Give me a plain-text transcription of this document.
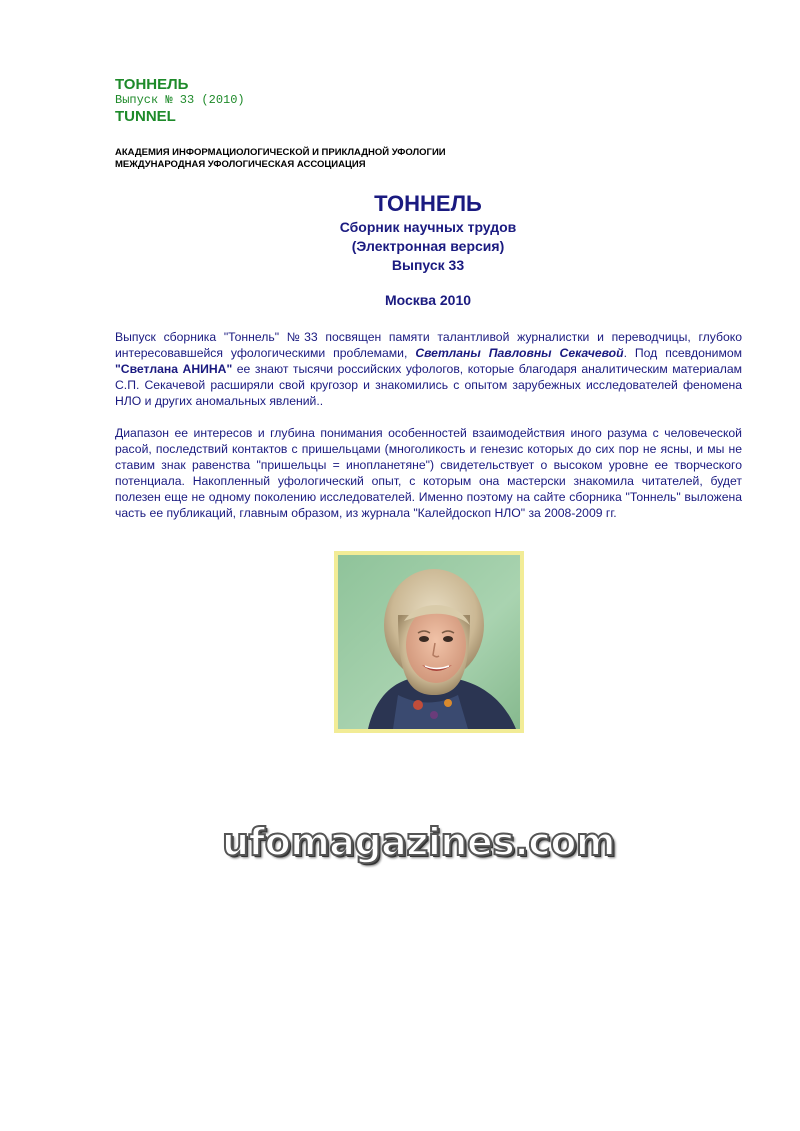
ТОННЕЛЬ
Выпуск № 33 (2010)
TUNNEL
АКАДЕМИЯ ИНФОРМАЦИОЛОГИЧЕСКОЙ И ПРИКЛАДНОЙ УФОЛОГИИ
МЕЖДУНАРОДНАЯ УФОЛОГИЧЕСКАЯ АССОЦИАЦИЯ
ТОННЕЛЬ
Сборник научных трудов
(Электронная версия)
Выпуск 33
Москва 2010

Выпуск сборника "Тоннель" №33 посвящен памяти талантливой журналистки и переводчицы, глубоко интересовавшейся уфологическими проблемами, Светланы Павловны Секачевой. Под псевдонимом "Светлана АНИНА" ее знают тысячи российских уфологов, которые благодаря аналитическим материалам С.П. Секачевой расширяли свой кругозор и знакомились с опытом зарубежных исследователей феномена НЛО и других аномальных явлений..

Диапазон ее интересов и глубина понимания особенностей взаимодействия иного разума с человеческой расой, последствий контактов с пришельцами (многоликость и генезис которых до сих пор не ясны, и мы не ставим знак равенства "пришельцы = инопланетяне") свидетельствует о высоком уровне ее творческого потенциала. Накопленный уфологический опыт, с которым она мастерски знакомила читателей, будет полезен еще не одному поколению исследователей. Именно поэтому на сайте сборника "Тоннель" выложена часть ее публикаций, главным образом, из журнала "Калейдоскоп НЛО" за 2008-2009 гг.

ufomagazines.com
